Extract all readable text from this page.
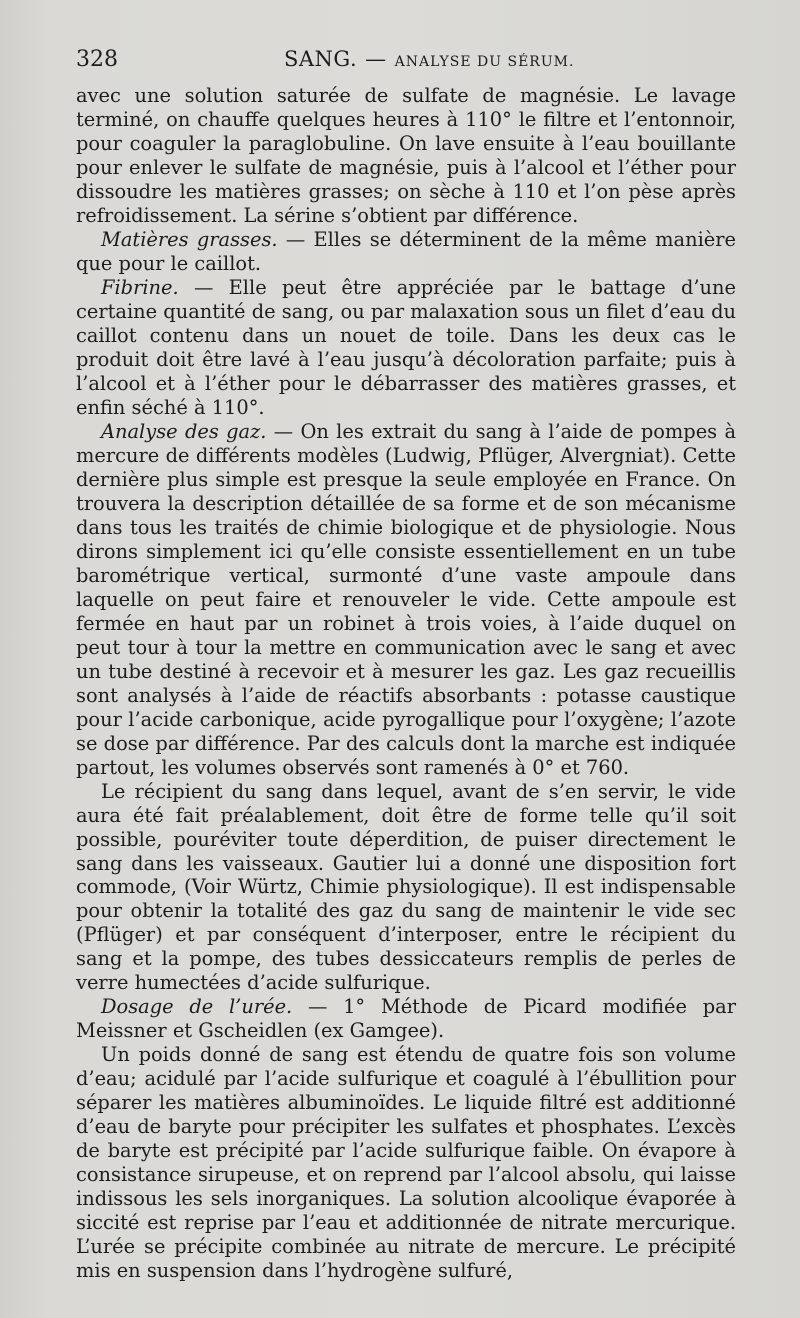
328	SANG. — ANALYSE DU SÉRUM.

avec une solution saturée de sulfate de magnésie. Le lavage terminé, on chauffe quelques heures à 110° le filtre et l’entonnoir, pour coaguler la paraglobuline. On lave ensuite à l’eau bouillante pour enlever le sulfate de magnésie, puis à l’alcool et l’éther pour dissoudre les matières grasses; on sèche à 110 et l’on pèse après refroidissement. La sérine s’obtient par différence.

Matières grasses. — Elles se déterminent de la même manière que pour le caillot.

Fibrine. — Elle peut être appréciée par le battage d’une certaine quantité de sang, ou par malaxation sous un filet d’eau du caillot contenu dans un nouet de toile. Dans les deux cas le produit doit être lavé à l’eau jusqu’à décoloration parfaite; puis à l’alcool et à l’éther pour le débarrasser des matières grasses, et enfin séché à 110°.

Analyse des gaz. — On les extrait du sang à l’aide de pompes à mercure de différents modèles (Ludwig, Pflüger, Alvergniat). Cette dernière plus simple est presque la seule employée en France. On trouvera la description détaillée de sa forme et de son mécanisme dans tous les traités de chimie biologique et de physiologie. Nous dirons simplement ici qu’elle consiste essentiellement en un tube barométrique vertical, surmonté d’une vaste ampoule dans laquelle on peut faire et renouveler le vide. Cette ampoule est fermée en haut par un robinet à trois voies, à l’aide duquel on peut tour à tour la mettre en communication avec le sang et avec un tube destiné à recevoir et à mesurer les gaz. Les gaz recueillis sont analysés à l’aide de réactifs absorbants : potasse caustique pour l’acide carbonique, acide pyrogallique pour l’oxygène; l’azote se dose par différence. Par des calculs dont la marche est indiquée partout, les volumes observés sont ramenés à 0° et 760.

Le récipient du sang dans lequel, avant de s’en servir, le vide aura été fait préalablement, doit être de forme telle qu’il soit possible, pouréviter toute déperdition, de puiser directement le sang dans les vaisseaux. Gautier lui a donné une disposition fort commode, (Voir Würtz, Chimie physiologique). Il est indispensable pour obtenir la totalité des gaz du sang de maintenir le vide sec (Pflüger) et par conséquent d’interposer, entre le récipient du sang et la pompe, des tubes dessiccateurs remplis de perles de verre humectées d’acide sulfurique.

Dosage de l’urée. — 1° Méthode de Picard modifiée par Meissner et Gscheidlen (ex Gamgee).

Un poids donné de sang est étendu de quatre fois son volume d’eau; acidulé par l’acide sulfurique et coagulé à l’ébullition pour séparer les matières albuminoïdes. Le liquide filtré est additionné d’eau de baryte pour précipiter les sulfates et phosphates. L’excès de baryte est précipité par l’acide sulfurique faible. On évapore à consistance sirupeuse, et on reprend par l’alcool absolu, qui laisse indissous les sels inorganiques. La solution alcoolique évaporée à siccité est reprise par l’eau et additionnée de nitrate mercurique. L’urée se précipite combinée au nitrate de mercure. Le précipité mis en suspension dans l’hydrogène sulfuré,
